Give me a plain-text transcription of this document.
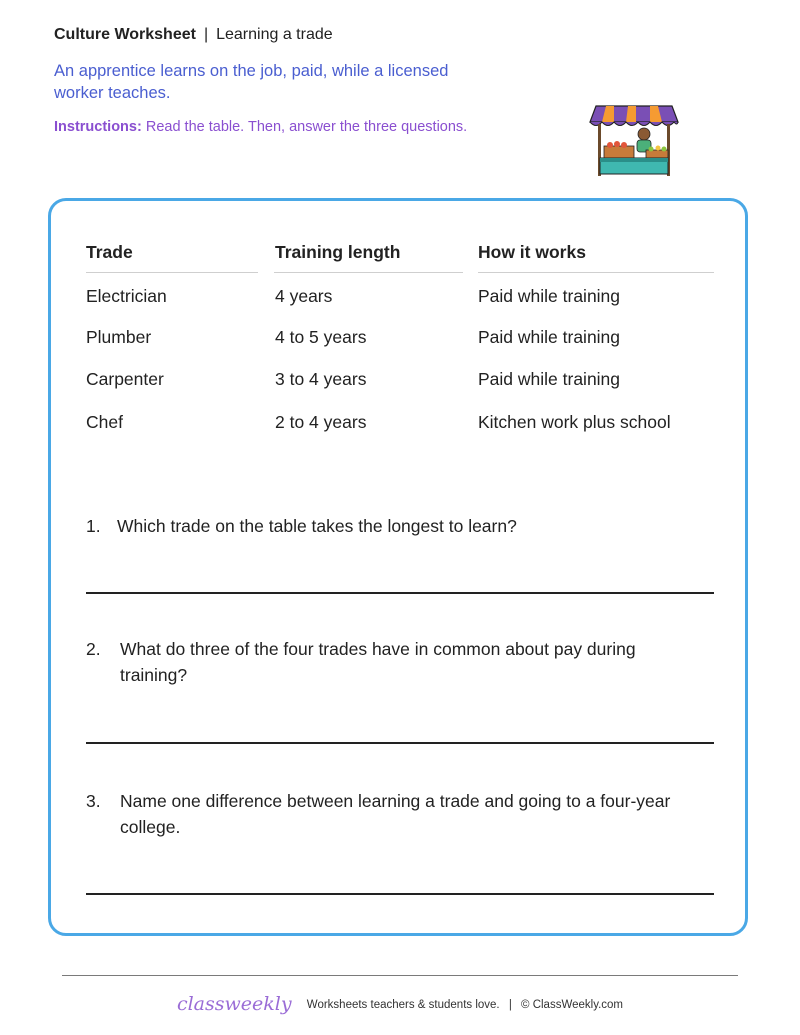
Culture Worksheet | Learning a trade
An apprentice learns on the job, paid, while a licensed worker teaches.
Instructions: Read the table. Then, answer the three questions.
Trade	Training length	How it works
Electrician	4 years	Paid while training
Plumber	4 to 5 years	Paid while training
Carpenter	3 to 4 years	Paid while training
Chef	2 to 4 years	Kitchen work plus school
1. Which trade on the table takes the longest to learn?
2.	What do three of the four trades have in common about pay during training?
3.	Name one difference between learning a trade and going to a four-year college.
classweekly Worksheets teachers & students love. | © ClassWeekly.com
